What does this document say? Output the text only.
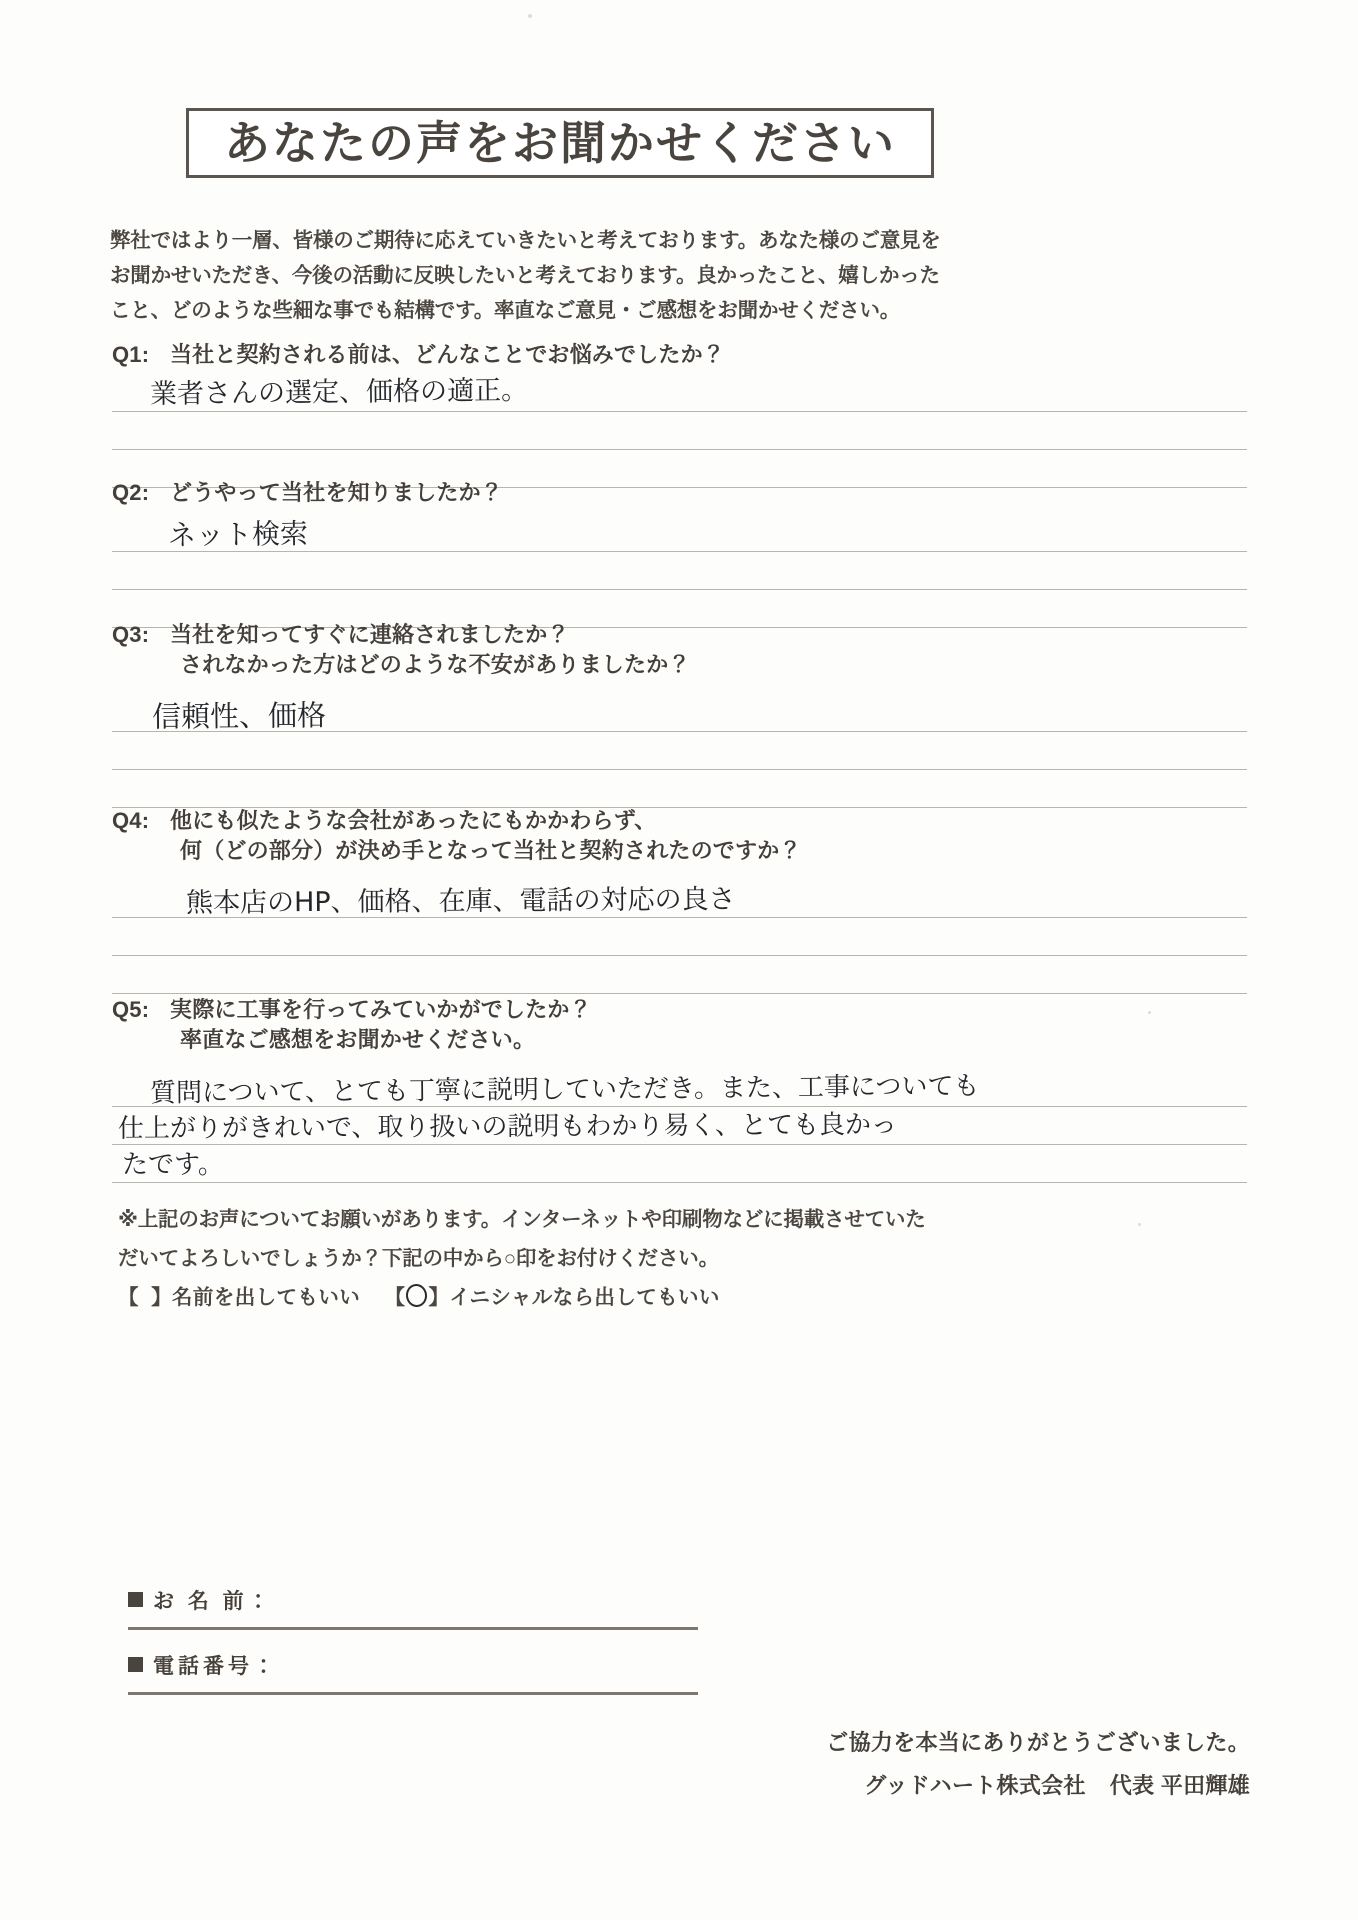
あなたの声をお聞かせください

弊社ではより一層、皆様のご期待に応えていきたいと考えております。あなた様のご意見を

お聞かせいただき、今後の活動に反映したいと考えております。良かったこと、嬉しかった

こと、どのような些細な事でも結構です。率直なご意見・ご感想をお聞かせください。

Q1: 当社と契約される前は、どんなことでお悩みでしたか？
業者さんの選定、価格の適正。
Q2: どうやって当社を知りましたか？
ネット検索
Q3: 当社を知ってすぐに連絡されましたか？
されなかった方はどのような不安がありましたか？
信頼性、価格
Q4: 他にも似たような会社があったにもかかわらず、
何（どの部分）が決め手となって当社と契約されたのですか？
熊本店のHP、価格、在庫、電話の対応の良さ
Q5: 実際に工事を行ってみていかがでしたか？
率直なご感想をお聞かせください。
質問について、とても丁寧に説明していただき。また、工事についても
仕上がりがきれいで、取り扱いの説明もわかり易く、とても良かっ
たです。

※上記のお声についてお願いがあります。インターネットや印刷物などに掲載させていた

だいてよろしいでしょうか？下記の中から○印をお付けください。

【 】名前を出してもいい 【 】イニシャルなら出してもいい

お 名 前：
電話番号：

ご協力を本当にありがとうございました。

グッドハート株式会社 代表 平田輝雄
